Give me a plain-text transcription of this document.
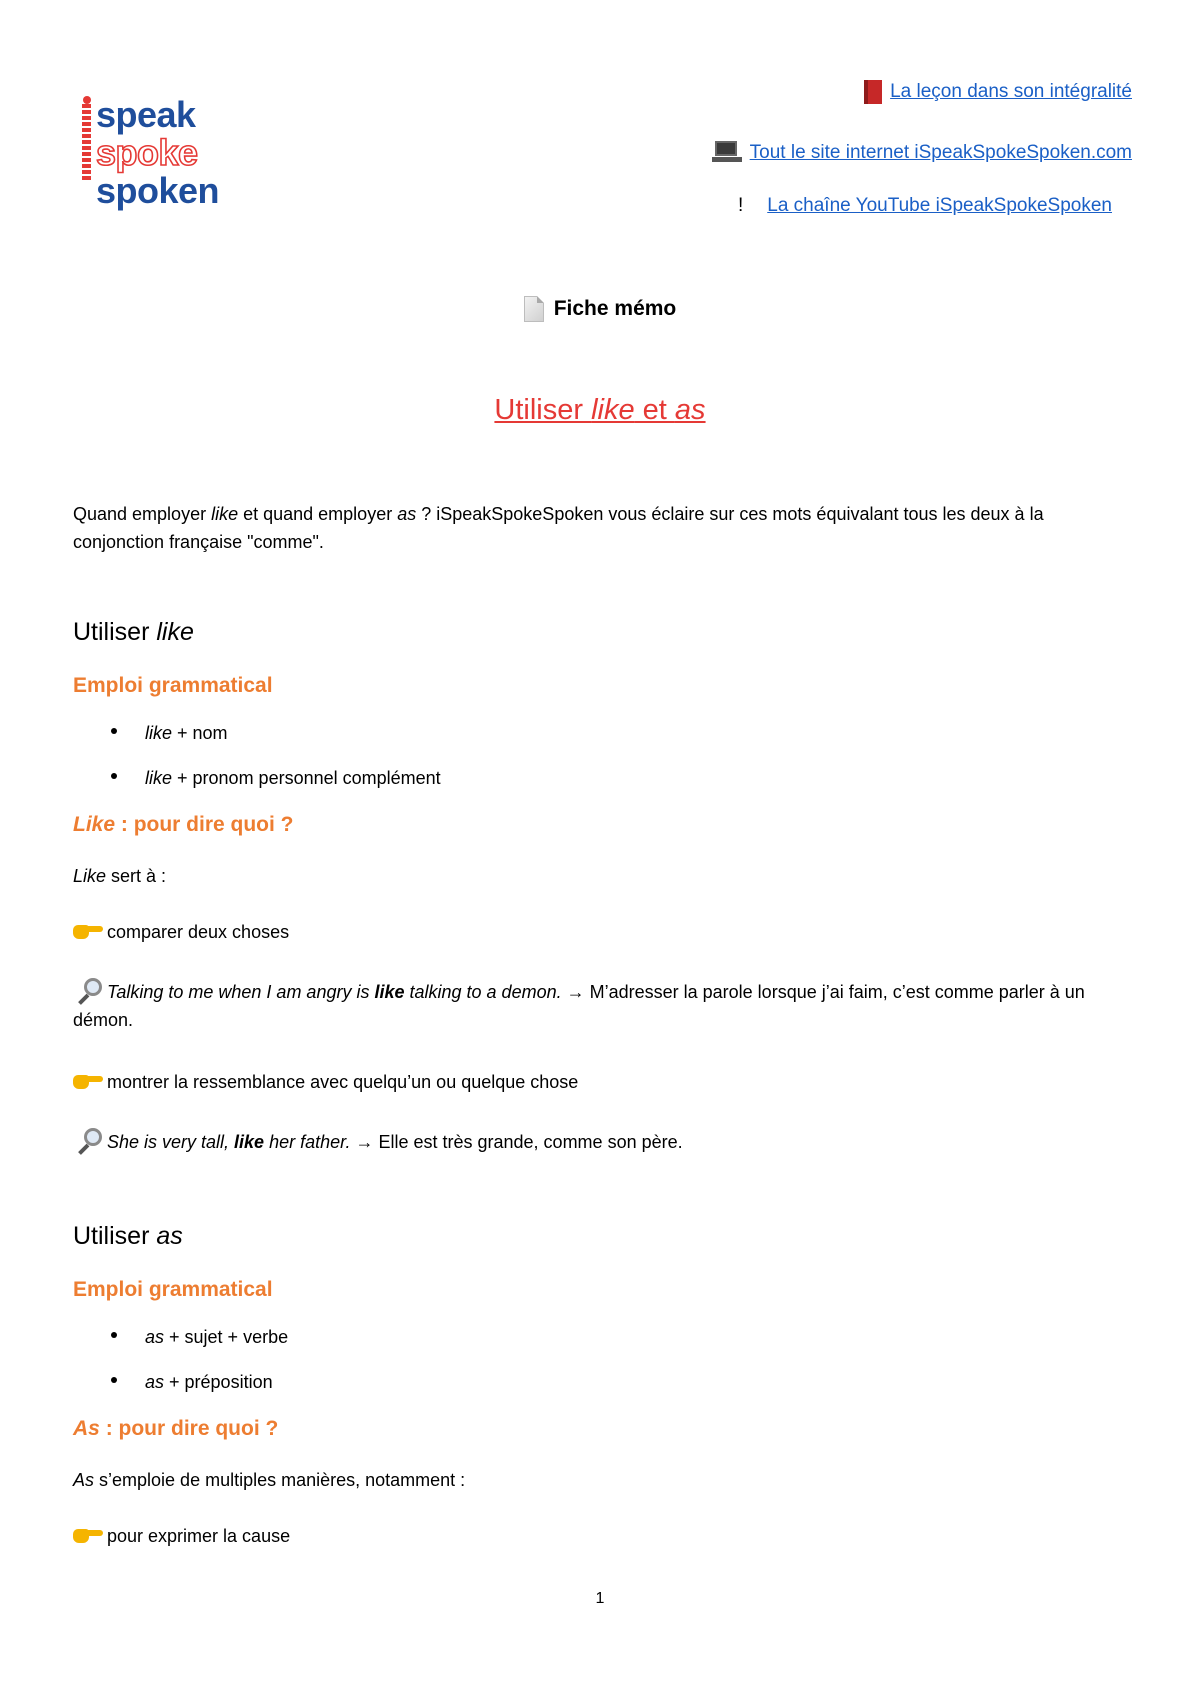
speak
spoke
spoken
La leçon dans son intégralité
Tout le site internet iSpeakSpokeSpoken.com
! La chaîne YouTube iSpeakSpokeSpoken
Fiche mémo
Utiliser like et as
Quand employer like et quand employer as ? iSpeakSpokeSpoken vous éclaire sur ces mots équivalant tous les deux à la conjonction française "comme".
Utiliser like
Emploi grammatical
like + nom
like + pronom personnel complément
Like : pour dire quoi ?
Like sert à :
comparer deux choses
Talking to me when I am angry is like talking to a demon. → M’adresser la parole lorsque j’ai faim, c’est comme parler à un démon.
montrer la ressemblance avec quelqu’un ou quelque chose
She is very tall, like her father. → Elle est très grande, comme son père.
Utiliser as
Emploi grammatical
as + sujet + verbe
as + préposition
As : pour dire quoi ?
As s’emploie de multiples manières, notamment :
pour exprimer la cause
1
